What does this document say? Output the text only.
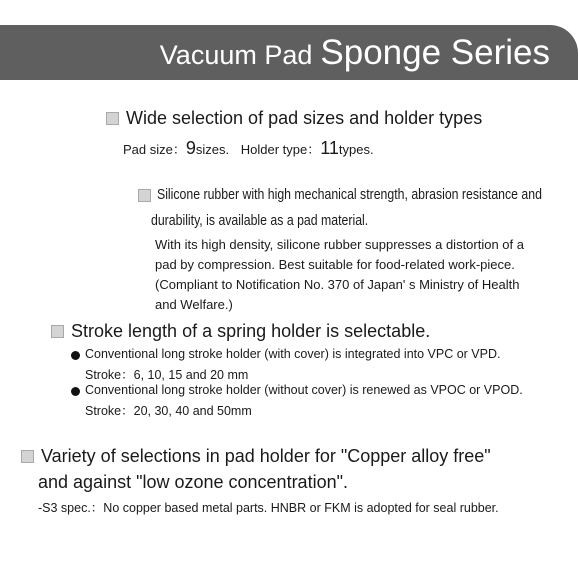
Vacuum Pad Sponge Series
Wide selection of pad sizes and holder types
Pad size：9sizes. Holder type：11types.
Silicone rubber with high mechanical strength, abrasion resistance and
durability, is available as a pad material.
With its high density, silicone rubber suppresses a distortion of a
pad by compression. Best suitable for food-related work-piece.
(Compliant to Notification No. 370 of Japan' s Ministry of Health
and Welfare.)
Stroke length of a spring holder is selectable.
Conventional long stroke holder (with cover) is integrated into VPC or VPD.
Stroke：6, 10, 15 and 20 mm
Conventional long stroke holder (without cover) is renewed as VPOC or VPOD.
Stroke：20, 30, 40 and 50mm
Variety of selections in pad holder for "Copper alloy free"
and against "low ozone concentration".
-S3 spec.：No copper based metal parts. HNBR or FKM is adopted for seal rubber.
